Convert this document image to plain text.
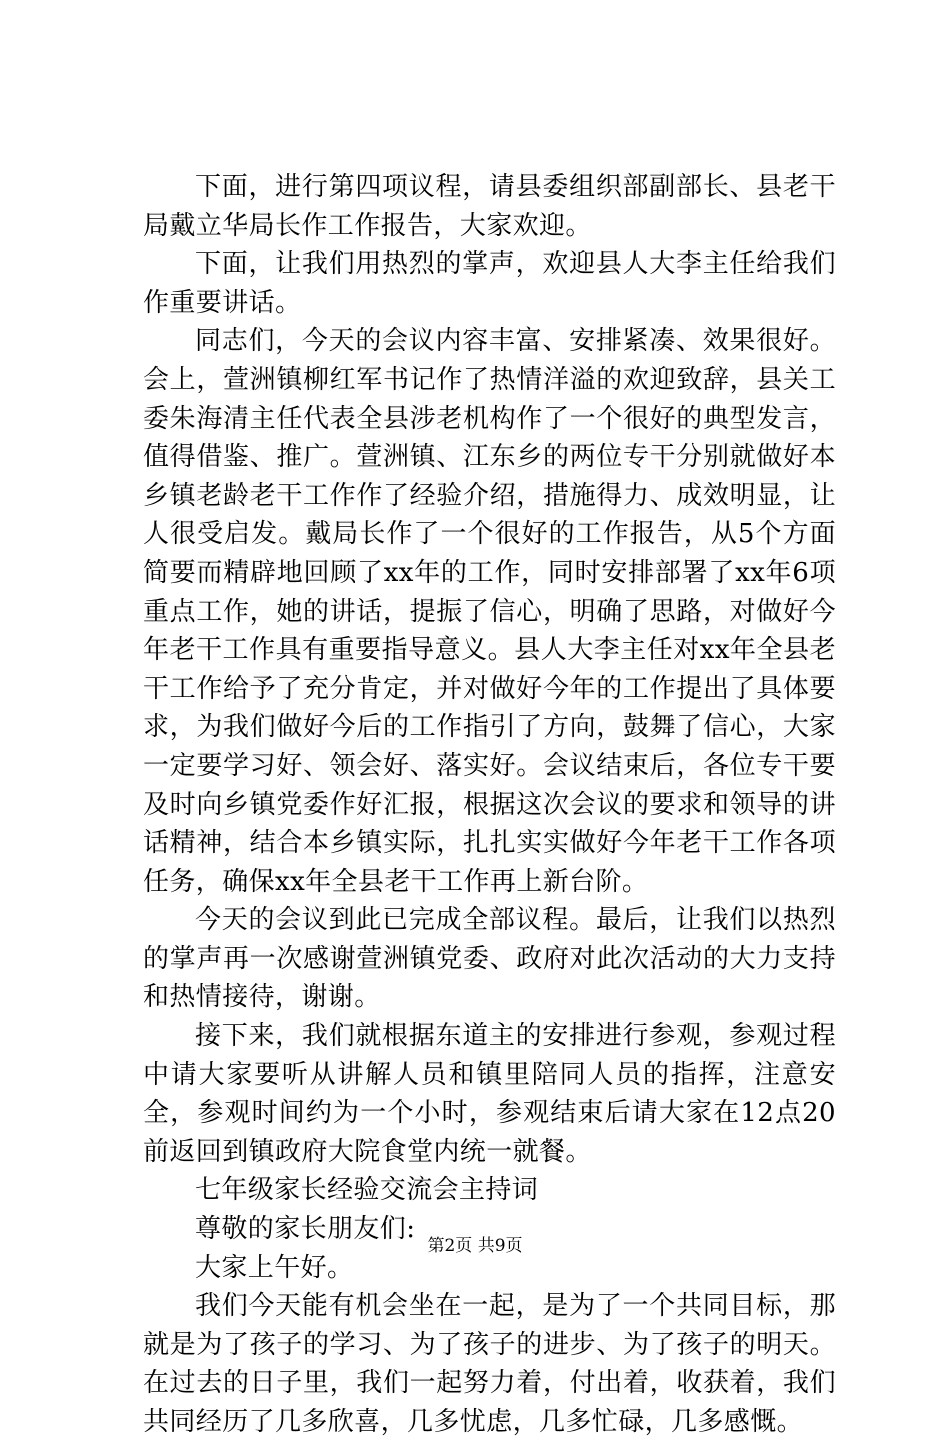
下面，进行第四项议程，请县委组织部副部长、县老干局戴立华局长作工作报告，大家欢迎。

下面，让我们用热烈的掌声，欢迎县人大李主任给我们作重要讲话。

同志们，今天的会议内容丰富、安排紧凑、效果很好。会上，萱洲镇柳红军书记作了热情洋溢的欢迎致辞，县关工委朱海清主任代表全县涉老机构作了一个很好的典型发言，值得借鉴、推广。萱洲镇、江东乡的两位专干分别就做好本乡镇老龄老干工作作了经验介绍，措施得力、成效明显，让人很受启发。戴局长作了一个很好的工作报告，从5个方面简要而精辟地回顾了xx年的工作，同时安排部署了xx年6项重点工作，她的讲话，提振了信心，明确了思路，对做好今年老干工作具有重要指导意义。县人大李主任对xx年全县老干工作给予了充分肯定，并对做好今年的工作提出了具体要求，为我们做好今后的工作指引了方向，鼓舞了信心，大家一定要学习好、领会好、落实好。会议结束后，各位专干要及时向乡镇党委作好汇报，根据这次会议的要求和领导的讲话精神，结合本乡镇实际，扎扎实实做好今年老干工作各项任务，确保xx年全县老干工作再上新台阶。

今天的会议到此已完成全部议程。最后，让我们以热烈的掌声再一次感谢萱洲镇党委、政府对此次活动的大力支持和热情接待，谢谢。

接下来，我们就根据东道主的安排进行参观，参观过程中请大家要听从讲解人员和镇里陪同人员的指挥，注意安全，参观时间约为一个小时，参观结束后请大家在12点20前返回到镇政府大院食堂内统一就餐。

七年级家长经验交流会主持词

尊敬的家长朋友们:

大家上午好。

我们今天能有机会坐在一起，是为了一个共同目标，那就是为了孩子的学习、为了孩子的进步、为了孩子的明天。在过去的日子里，我们一起努力着，付出着，收获着，我们共同经历了几多欣喜，几多忧虑，几多忙碌，几多感慨。

第2页 共9页
